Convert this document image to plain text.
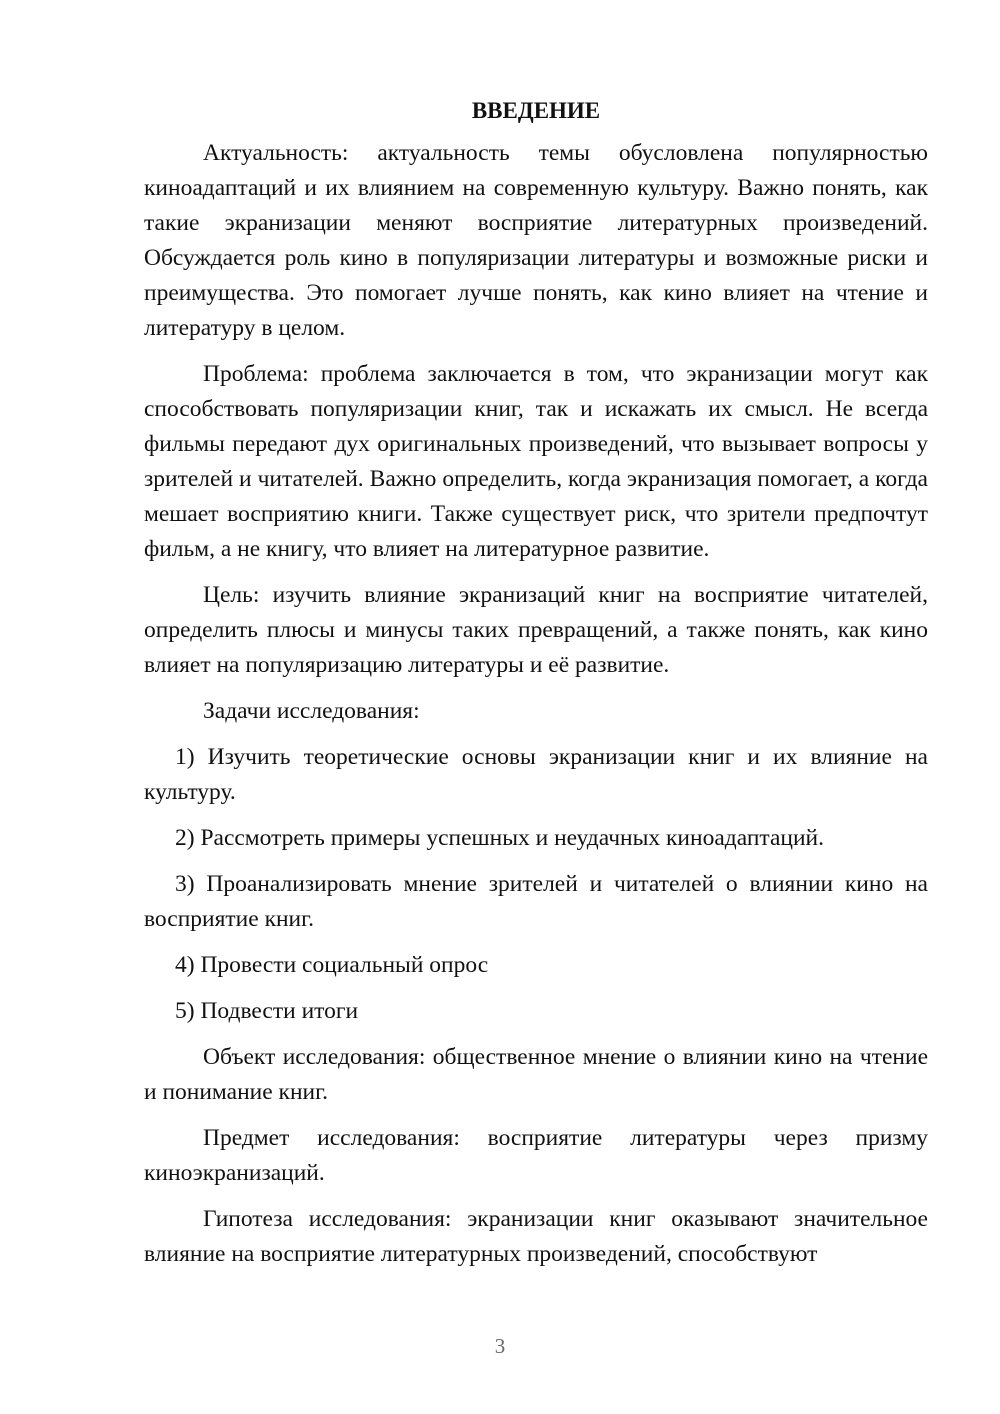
ВВЕДЕНИЕ

Актуальность: актуальность темы обусловлена популярностью киноадаптаций и их влиянием на современную культуру. Важно понять, как такие экранизации меняют восприятие литературных произведений. Обсуждается роль кино в популяризации литературы и возможные риски и преимущества. Это помогает лучше понять, как кино влияет на чтение и литературу в целом.

Проблема: проблема заключается в том, что экранизации могут как способствовать популяризации книг, так и искажать их смысл. Не всегда фильмы передают дух оригинальных произведений, что вызывает вопросы у зрителей и читателей. Важно определить, когда экранизация помогает, а когда мешает восприятию книги. Также существует риск, что зрители предпочтут фильм, а не книгу, что влияет на литературное развитие.

Цель: изучить влияние экранизаций книг на восприятие читателей, определить плюсы и минусы таких превращений, а также понять, как кино влияет на популяризацию литературы и её развитие.

Задачи исследования:

1) Изучить теоретические основы экранизации книг и их влияние на культуру.

2) Рассмотреть примеры успешных и неудачных киноадаптаций.

3) Проанализировать мнение зрителей и читателей о влиянии кино на восприятие книг.

4) Провести социальный опрос

5) Подвести итоги

Объект исследования: общественное мнение о влиянии кино на чтение и понимание книг.

Предмет исследования: восприятие литературы через призму киноэкранизаций.

Гипотеза исследования: экранизации книг оказывают значительное влияние на восприятие литературных произведений, способствуют

3
